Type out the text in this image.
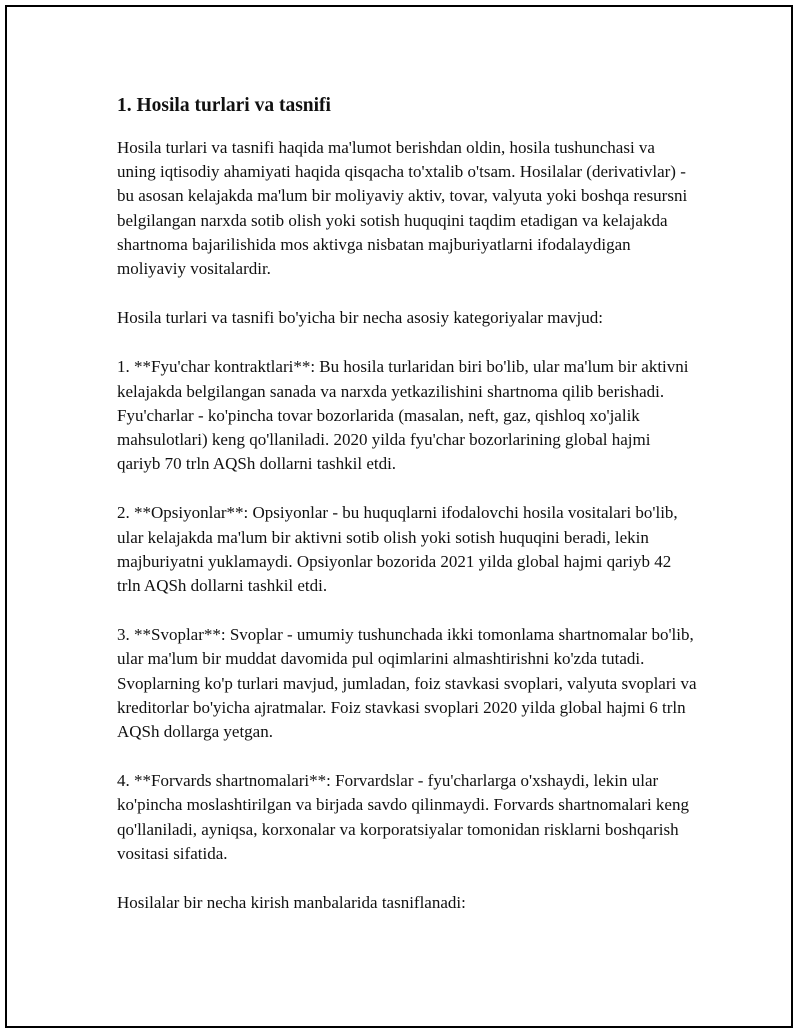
1. Hosila turlari va tasnifi

Hosila turlari va tasnifi haqida ma'lumot berishdan oldin, hosila tushunchasi va uning iqtisodiy ahamiyati haqida qisqacha to'xtalib o'tsam. Hosilalar (derivativlar) - bu asosan kelajakda ma'lum bir moliyaviy aktiv, tovar, valyuta yoki boshqa resursni belgilangan narxda sotib olish yoki sotish huquqini taqdim etadigan va kelajakda shartnoma bajarilishida mos aktivga nisbatan majburiyatlarni ifodalaydigan moliyaviy vositalardir.

Hosila turlari va tasnifi bo'yicha bir necha asosiy kategoriyalar mavjud:

1. **Fyu'char kontraktlari**: Bu hosila turlaridan biri bo'lib, ular ma'lum bir aktivni kelajakda belgilangan sanada va narxda yetkazilishini shartnoma qilib berishadi. Fyu'charlar - ko'pincha tovar bozorlarida (masalan, neft, gaz, qishloq xo'jalik mahsulotlari) keng qo'llaniladi. 2020 yilda fyu'char bozorlarining global hajmi qariyb 70 trln AQSh dollarni tashkil etdi.

2. **Opsiyonlar**: Opsiyonlar - bu huquqlarni ifodalovchi hosila vositalari bo'lib, ular kelajakda ma'lum bir aktivni sotib olish yoki sotish huquqini beradi, lekin majburiyatni yuklamaydi. Opsiyonlar bozorida 2021 yilda global hajmi qariyb 42 trln AQSh dollarni tashkil etdi.

3. **Svoplar**: Svoplar - umumiy tushunchada ikki tomonlama shartnomalar bo'lib, ular ma'lum bir muddat davomida pul oqimlarini almashtirishni ko'zda tutadi. Svoplarning ko'p turlari mavjud, jumladan, foiz stavkasi svoplari, valyuta svoplari va kreditorlar bo'yicha ajratmalar. Foiz stavkasi svoplari 2020 yilda global hajmi 6 trln AQSh dollarga yetgan.

4. **Forvards shartnomalari**: Forvardslar - fyu'charlarga o'xshaydi, lekin ular ko'pincha moslashtirilgan va birjada savdo qilinmaydi. Forvards shartnomalari keng qo'llaniladi, ayniqsa, korxonalar va korporatsiyalar tomonidan risklarni boshqarish vositasi sifatida.

Hosilalar bir necha kirish manbalarida tasniflanadi:
